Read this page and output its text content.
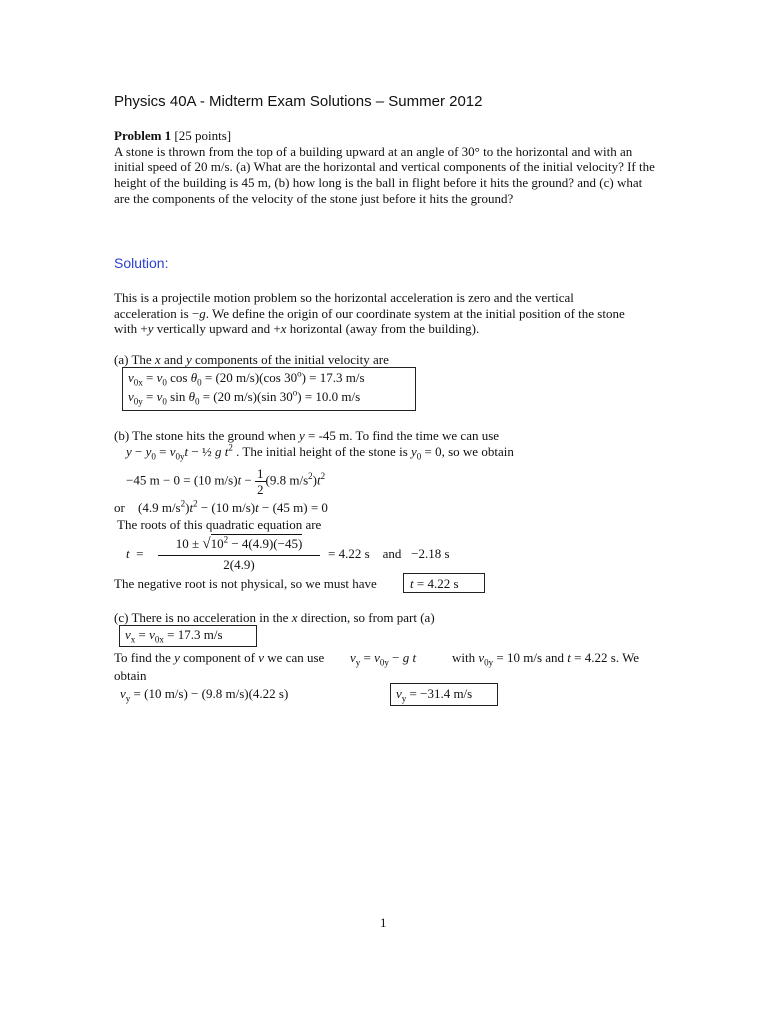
Physics 40A - Midterm Exam Solutions – Summer 2012
Problem 1 [25 points]
A stone is thrown from the top of a building upward at an angle of 30° to the horizontal and with an initial speed of 20 m/s. (a) What are the horizontal and vertical components of the initial velocity? If the height of the building is 45 m, (b) how long is the ball in flight before it hits the ground? and (c) what are the components of the velocity of the stone just before it hits the ground?
Solution:
This is a projectile motion problem so the horizontal acceleration is zero and the vertical acceleration is −g. We define the origin of our coordinate system at the initial position of the stone with +y vertically upward and +x horizontal (away from the building).
(a) The x and y components of the initial velocity are
$v_{0x} = v_0$ $\cos \theta_0 = (20$ m/s)(cos $30^o) = 17.3$ m/s
$v_{0y} = v_0$ $\sin \theta_0 = (20$ m/s)(sin $30^o) = 10.0$ m/s
(b) The stone hits the ground when y = -45 m. To find the time we can use
$y - y_0 = v_{0y}t$ − ½ g $t^2$ . The initial height of the stone is $y_0 = 0$, so we obtain
−45 m − 0 = (10 $m/s)t - \frac{1}{2} (9.8$ $m/s^2)t^2$
or (4.9 $m/s^2)t^2 - (10$ m/s)t − (45 m) = 0
The roots of this quadratic equation are
t =
$10 \pm √10^2 - 4(4.9)(-45)$
2(4.9)
= 4.22 s and −2.18 s
The negative root is not physical, so we must have	t = 4.22 s
(c) There is no acceleration in the x direction, so from part (a)
$v_x = v_{0x} = 17.3$ m/s
To find the y component of v we can use $v_y = v_{0y} - g$ t	with $v_{0y} = 10$ m/s and t = 4.22 s. We
obtain
$v_y = (10$ m/s) − (9.8 m/s)(4.22 s)	$v_y = -31.4$ m/s
1
